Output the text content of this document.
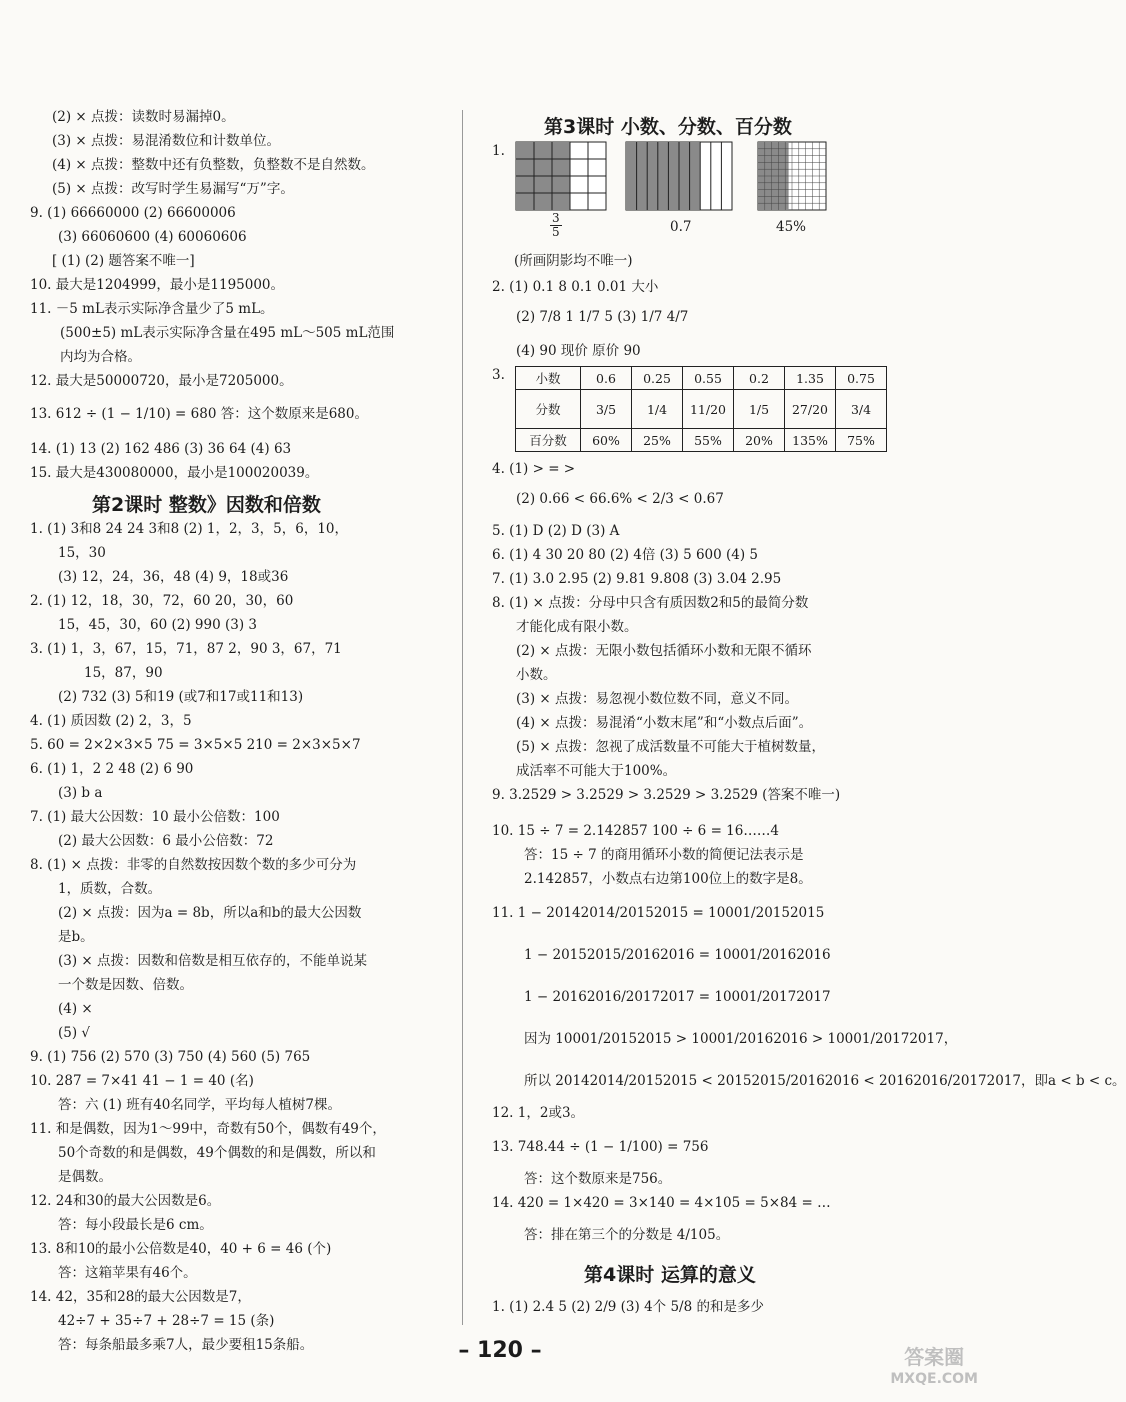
(2) × 点拨：读数时易漏掉0。
(3) × 点拨：易混淆数位和计数单位。
(4) × 点拨：整数中还有负整数，负整数不是自然数。
(5) × 点拨：改写时学生易漏写“万”字。
9. (1) 66660000 (2) 66600006
(3) 66060600 (4) 60060606
[ (1) (2) 题答案不唯一]
10. 最大是1204999，最小是1195000。
11. －5 mL表示实际净含量少了5 mL。
(500±5) mL表示实际净含量在495 mL～505 mL范围
内均为合格。
12. 最大是50000720，最小是7205000。
13. 612 ÷ (1 − 1/10) = 680 答：这个数原来是680。
14. (1) 13 (2) 162 486 (3) 36 64 (4) 63
15. 最大是430080000，最小是100020039。
第2课时 整数》因数和倍数
1. (1) 3和8 24 24 3和8 (2) 1，2，3，5，6，10，
15，30
(3) 12，24，36，48 (4) 9，18或36
2. (1) 12，18，30，72，60 20，30，60
15，45，30，60 (2) 990 (3) 3
3. (1) 1，3，67，15，71，87 2，90 3，67，71
15，87，90
(2) 732 (3) 5和19 (或7和17或11和13)
4. (1) 质因数 (2) 2，3，5
5. 60 = 2×2×3×5 75 = 3×5×5 210 = 2×3×5×7
6. (1) 1，2 2 48 (2) 6 90
(3) b a
7. (1) 最大公因数：10 最小公倍数：100
(2) 最大公因数：6 最小公倍数：72
8. (1) × 点拨：非零的自然数按因数个数的多少可分为
1，质数，合数。
(2) × 点拨：因为a = 8b，所以a和b的最大公因数
是b。
(3) × 点拨：因数和倍数是相互依存的，不能单说某
一个数是因数、倍数。
(4) ×
(5) √
9. (1) 756 (2) 570 (3) 750 (4) 560 (5) 765
10. 287 = 7×41 41 − 1 = 40 (名)
答：六 (1) 班有40名同学，平均每人植树7棵。
11. 和是偶数，因为1～99中，奇数有50个，偶数有49个，
50个奇数的和是偶数，49个偶数的和是偶数，所以和
是偶数。
12. 24和30的最大公因数是6。
答：每小段最长是6 cm。
13. 8和10的最小公倍数是40，40 + 6 = 46 (个)
答：这箱苹果有46个。
14. 42，35和28的最大公因数是7，
42÷7 + 35÷7 + 28÷7 = 15 (条)
答：每条船最多乘7人，最少要租15条船。
第3课时 小数、分数、百分数
1.
$\frac{3}{5}$	0.7	45%
(所画阴影均不唯一)
2. (1) 0.1 8 0.1 0.01 大小
(2) 7/8 1 1/7 5 (3) 1/7 4/7
(4) 90 现价 原价 90
3. 小数	0.6	0.25	0.55	0.2	1.35	0.75
分数	3/5	1/4	11/20	1/5	27/20	3/4
百分数	60%	25%	55%	20%	135%	75%
4. (1) > = >
(2) 0.66 < 66.6% < 2/3 < 0.67
5. (1) D (2) D (3) A
6. (1) 4 30 20 80 (2) 4倍 (3) 5 600 (4) 5
7. (1) 3.0 2.95 (2) 9.81 9.808 (3) 3.04 2.95
8. (1) × 点拨：分母中只含有质因数2和5的最简分数
才能化成有限小数。
(2) × 点拨：无限小数包括循环小数和无限不循环
小数。
(3) × 点拨：易忽视小数位数不同，意义不同。
(4) × 点拨：易混淆“小数末尾”和“小数点后面”。
(5) × 点拨：忽视了成活数量不可能大于植树数量，
成活率不可能大于100%。
9. 3.2529 > 3.2529 > 3.2529 > 3.2529 (答案不唯一)
10. 15 ÷ 7 = 2.142857 100 ÷ 6 = 16……4
答：15 ÷ 7 的商用循环小数的简便记法表示是
2.142857，小数点右边第100位上的数字是8。
11. 1 − 20142014/20152015 = 10001/20152015
1 − 20152015/20162016 = 10001/20162016
1 − 20162016/20172017 = 10001/20172017
因为 10001/20152015 > 10001/20162016 > 10001/20172017，
所以 20142014/20152015 < 20152015/20162016 < 20162016/20172017，即a < b < c。
12. 1，2或3。
13. 748.44 ÷ (1 − 1/100) = 756
答：这个数原来是756。
14. 420 = 1×420 = 3×140 = 4×105 = 5×84 = …
答：排在第三个的分数是 4/105。
第4课时 运算的意义
1. (1) 2.4 5 (2) 2/9 (3) 4个 5/8 的和是多少
– 120 –	答案圈
MXQE.COM
